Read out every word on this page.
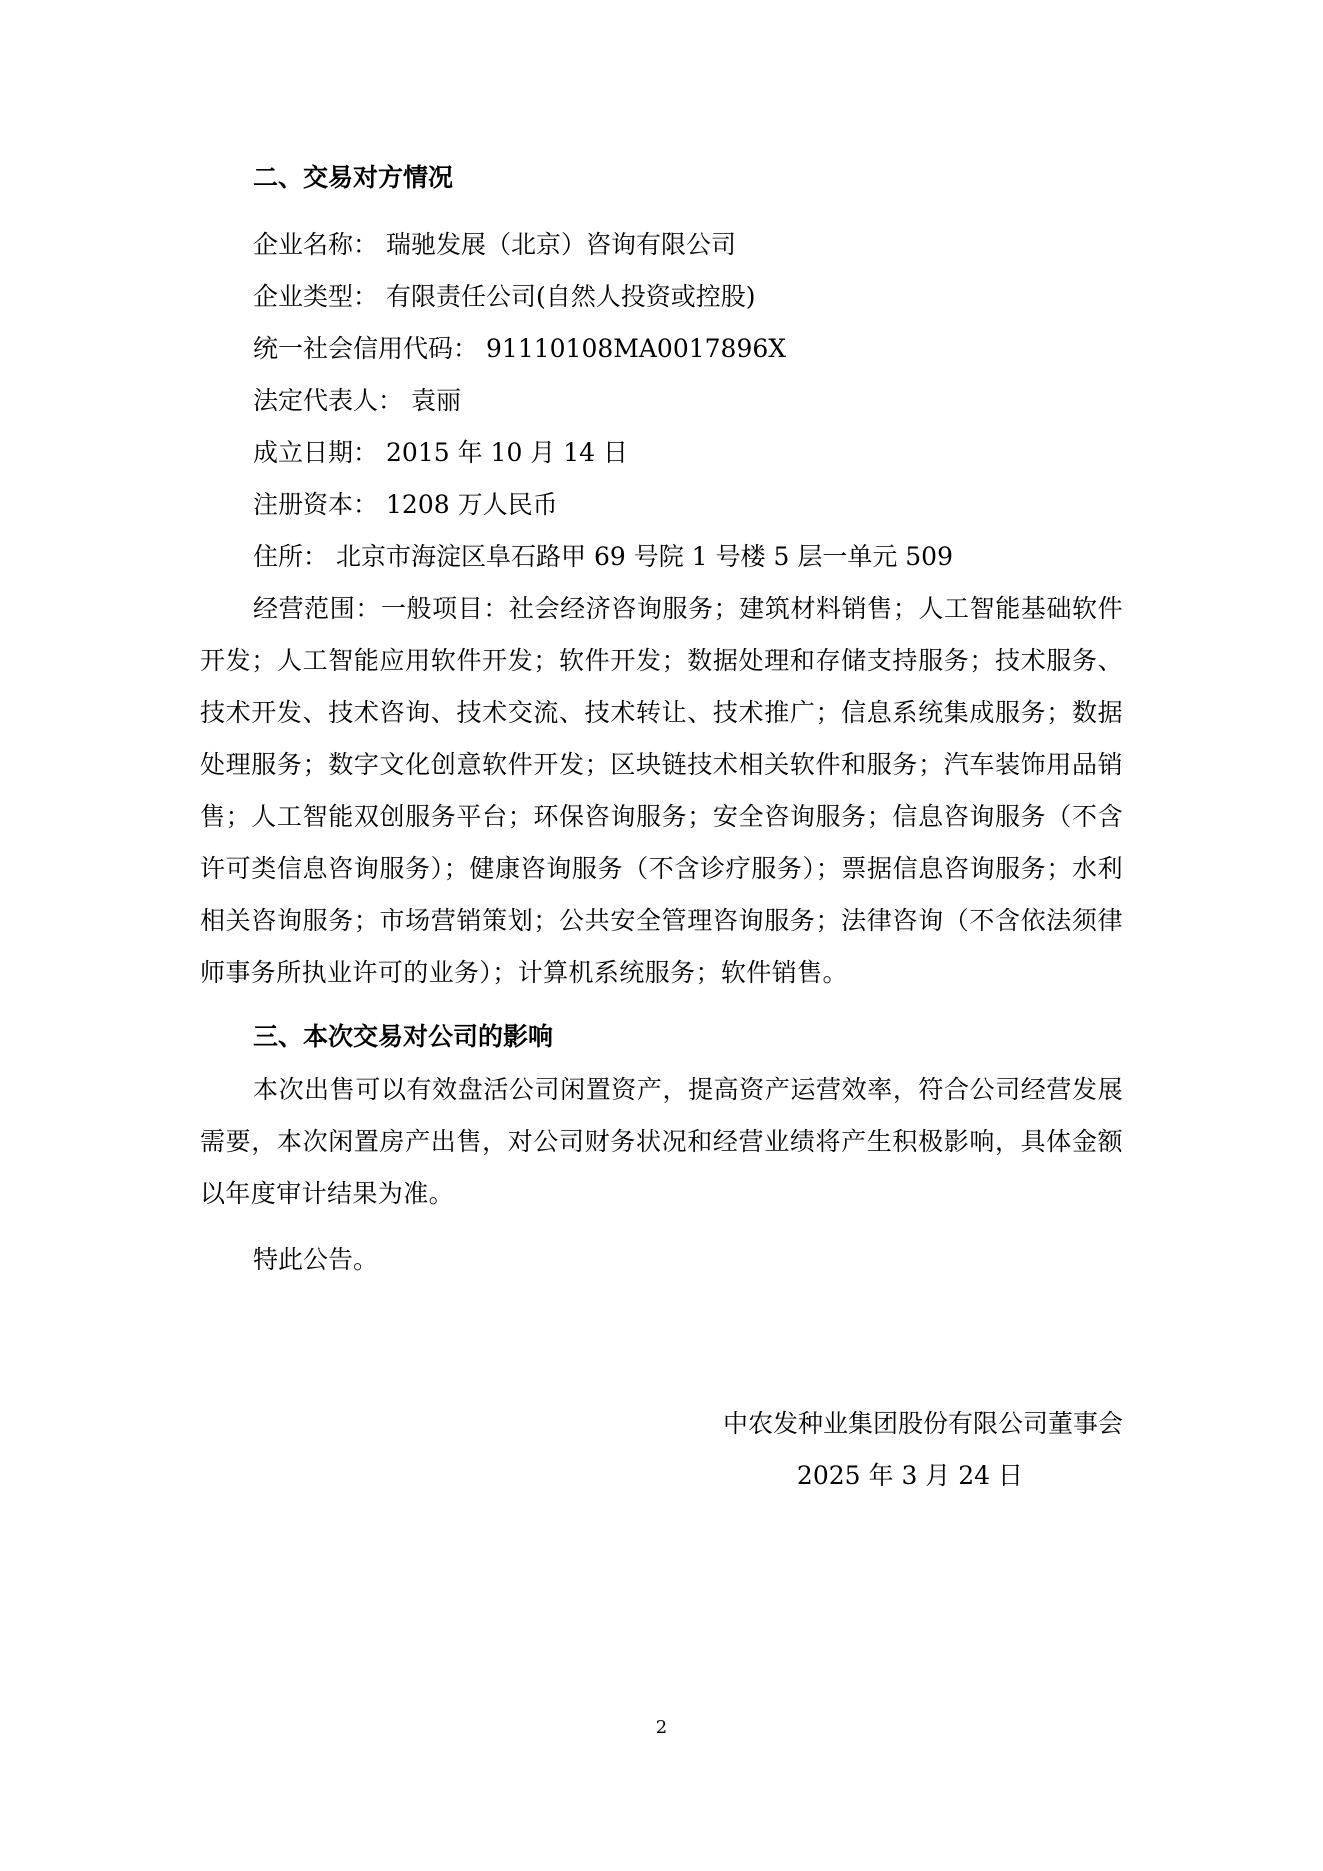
二、交易对方情况
企业名称： 瑞驰发展（北京）咨询有限公司
企业类型： 有限责任公司(自然人投资或控股)
统一社会信用代码： 91110108MA0017896X
法定代表人： 袁丽
成立日期： 2015 年 10 月 14 日
注册资本： 1208 万人民币
住所： 北京市海淀区阜石路甲 69 号院 1 号楼 5 层一单元 509

经营范围：一般项目：社会经济咨询服务；建筑材料销售；人工智能基础软件开发；人工智能应用软件开发；软件开发；数据处理和存储支持服务；技术服务、技术开发、技术咨询、技术交流、技术转让、技术推广；信息系统集成服务；数据处理服务；数字文化创意软件开发；区块链技术相关软件和服务；汽车装饰用品销售；人工智能双创服务平台；环保咨询服务；安全咨询服务；信息咨询服务（不含许可类信息咨询服务）；健康咨询服务（不含诊疗服务）；票据信息咨询服务；水利相关咨询服务；市场营销策划；公共安全管理咨询服务；法律咨询（不含依法须律师事务所执业许可的业务）；计算机系统服务；软件销售。

三、本次交易对公司的影响

本次出售可以有效盘活公司闲置资产，提高资产运营效率，符合公司经营发展需要，本次闲置房产出售，对公司财务状况和经营业绩将产生积极影响，具体金额以年度审计结果为准。

特此公告。

中农发种业集团股份有限公司董事会

2025 年 3 月 24 日

2
